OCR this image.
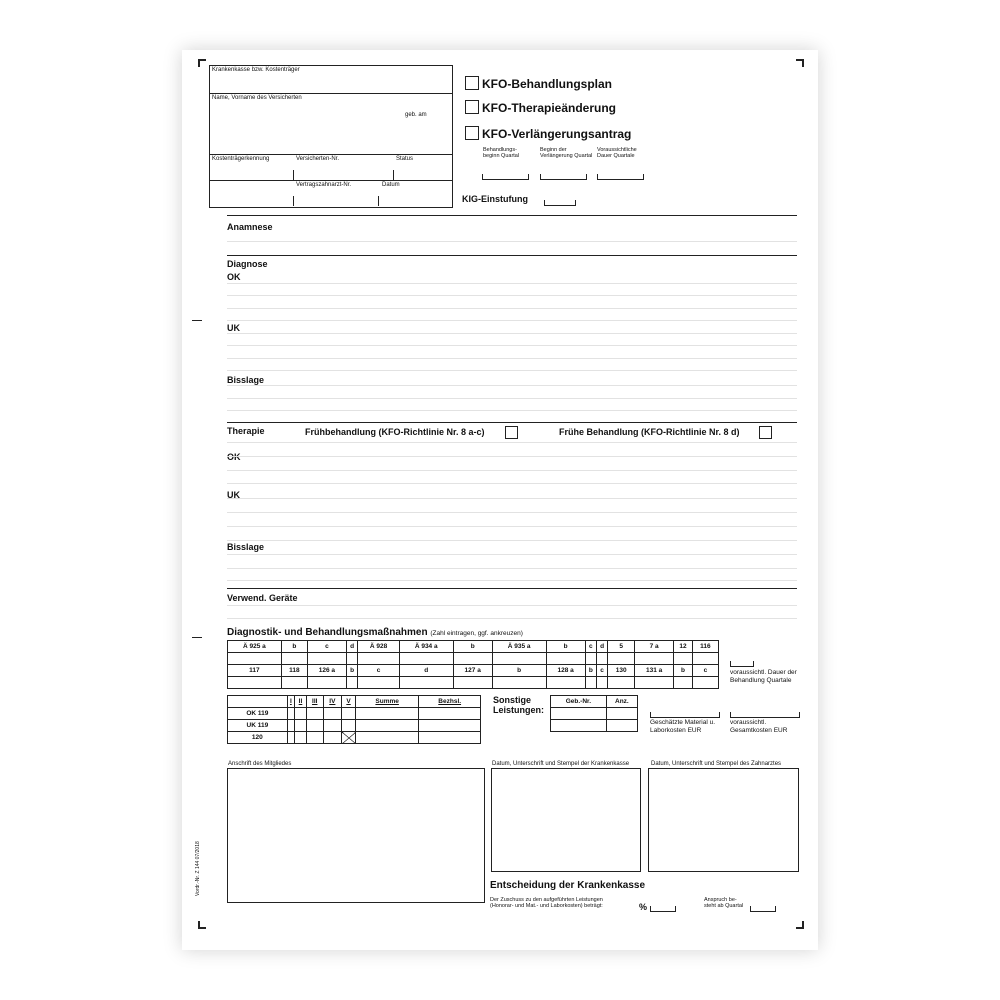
Krankenkasse bzw. Kostenträger
Name, Vorname des Versicherten
geb. am
Kostenträgerkennung	Versicherten-Nr.	Status
Vertragszahnarzt-Nr.	Datum
KFO-Behandlungsplan
KFO-Therapieänderung
KFO-Verlängerungsantrag
Behandlungs-
beginn Quartal
Beginn der
Verlängerung Quartal
Voraussichtliche
Dauer Quartale
KIG-Einstufung
Anamnese
Diagnose
OK
UK
Bisslage
Therapie	Frühbehandlung (KFO-Richtlinie Nr. 8 a-c)	Frühe Behandlung (KFO-Richtlinie Nr. 8 d)
OK
UK
Bisslage
Verwend. Geräte
Diagnostik- und Behandlungsmaßnahmen (Zahl eintragen, ggf. ankreuzen)
Ä 925 a	b	c	d	Ä 928	Ä 934 a	b	Ä 935 a	b	c	d	5	7 a	12	116

117	118	126 a	b	c	d	127 a	b	128 a	b	c	130	131 a	b	c
															voraussichtl. Dauer der Behandlung Quartale
	I	II	III	IV	V	Summe	Bezhsl.
OK 119							
UK 119							
120							
Sonstige Leistungen:
Geb.-Nr.	Anz.

Geschätzte Material u. Laborkosten EUR
voraussichtl. Gesamtkosten EUR
Anschrift des Mitgliedes	Datum, Unterschrift und Stempel der Krankenkasse	Datum, Unterschrift und Stempel des Zahnarztes
Entscheidung der Krankenkasse
Der Zuschuss zu den aufgeführten Leistungen
(Honorar- und Mat.- und Laborkosten) beträgt:	%
Anspruch be-
steht ab Quartal
Vordr.-Nr. Z 144 07/2018
